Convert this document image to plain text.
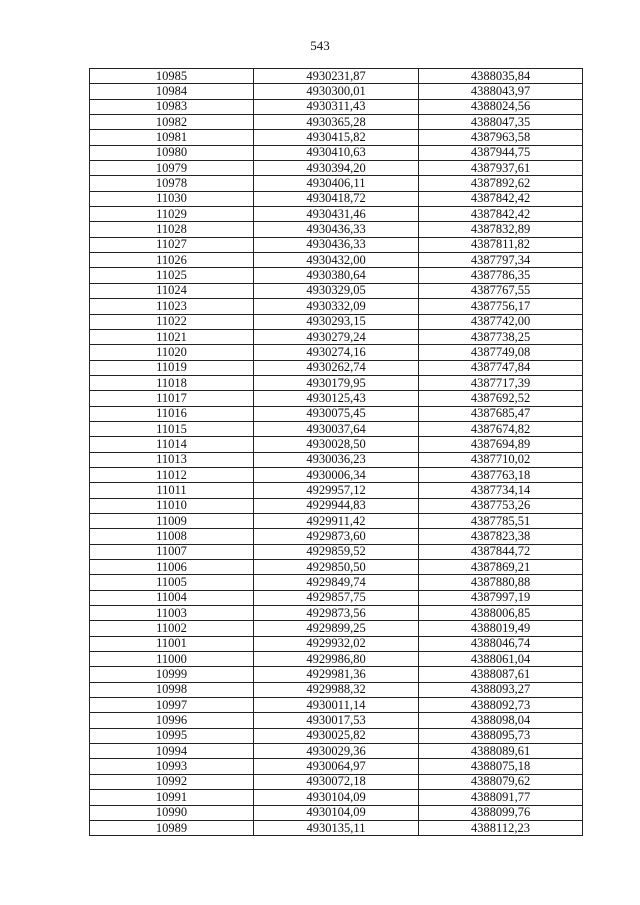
543
10985	4930231,87	4388035,84
10984	4930300,01	4388043,97
10983	4930311,43	4388024,56
10982	4930365,28	4388047,35
10981	4930415,82	4387963,58
10980	4930410,63	4387944,75
10979	4930394,20	4387937,61
10978	4930406,11	4387892,62
11030	4930418,72	4387842,42
11029	4930431,46	4387842,42
11028	4930436,33	4387832,89
11027	4930436,33	4387811,82
11026	4930432,00	4387797,34
11025	4930380,64	4387786,35
11024	4930329,05	4387767,55
11023	4930332,09	4387756,17
11022	4930293,15	4387742,00
11021	4930279,24	4387738,25
11020	4930274,16	4387749,08
11019	4930262,74	4387747,84
11018	4930179,95	4387717,39
11017	4930125,43	4387692,52
11016	4930075,45	4387685,47
11015	4930037,64	4387674,82
11014	4930028,50	4387694,89
11013	4930036,23	4387710,02
11012	4930006,34	4387763,18
11011	4929957,12	4387734,14
11010	4929944,83	4387753,26
11009	4929911,42	4387785,51
11008	4929873,60	4387823,38
11007	4929859,52	4387844,72
11006	4929850,50	4387869,21
11005	4929849,74	4387880,88
11004	4929857,75	4387997,19
11003	4929873,56	4388006,85
11002	4929899,25	4388019,49
11001	4929932,02	4388046,74
11000	4929986,80	4388061,04
10999	4929981,36	4388087,61
10998	4929988,32	4388093,27
10997	4930011,14	4388092,73
10996	4930017,53	4388098,04
10995	4930025,82	4388095,73
10994	4930029,36	4388089,61
10993	4930064,97	4388075,18
10992	4930072,18	4388079,62
10991	4930104,09	4388091,77
10990	4930104,09	4388099,76
10989	4930135,11	4388112,23
